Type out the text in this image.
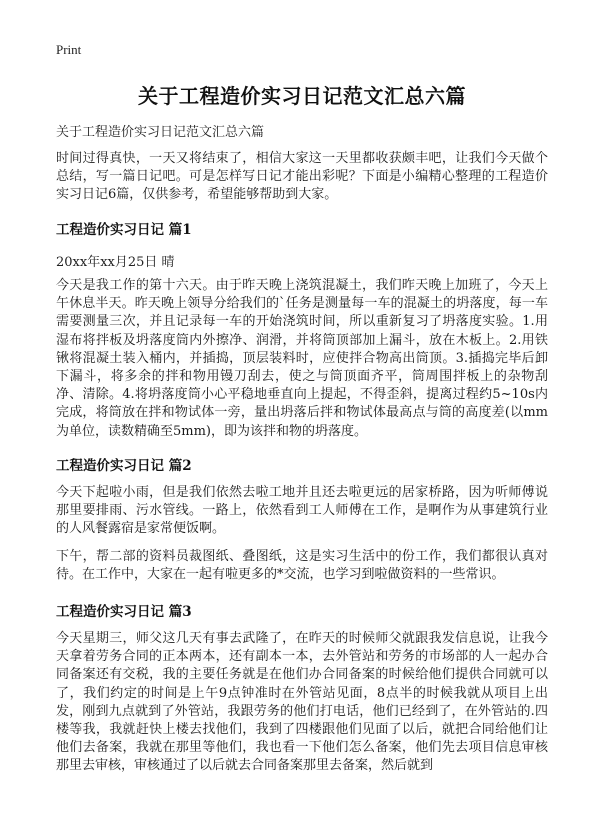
Print
关于工程造价实习日记范文汇总六篇
关于工程造价实习日记范文汇总六篇

时间过得真快，一天又将结束了，相信大家这一天里都收获颇丰吧，让我们今天做个总结，写一篇日记吧。可是怎样写日记才能出彩呢？下面是小编精心整理的工程造价实习日记6篇，仅供参考，希望能够帮助到大家。

工程造价实习日记 篇1
20xx年xx月25日 晴

今天是我工作的第十六天。由于昨天晚上浇筑混凝土，我们昨天晚上加班了，今天上午休息半天。昨天晚上领导分给我们的`任务是测量每一车的混凝土的坍落度，每一车需要测量三次，并且记录每一车的开始浇筑时间，所以重新复习了坍落度实验。1.用湿布将拌板及坍落度筒内外擦净、润滑，并将筒顶部加上漏斗，放在木板上。2.用铁锹将混凝土装入桶内，并插捣，顶层装料时，应使拌合物高出筒顶。3.插捣完毕后卸下漏斗，将多余的拌和物用镘刀刮去，使之与筒顶面齐平，筒周围拌板上的杂物刮净、清除。4.将坍落度筒小心平稳地垂直向上提起，不得歪斜，提离过程约5~10s内完成，将筒放在拌和物试体一旁，量出坍落后拌和物试体最高点与筒的高度差(以mm为单位，读数精确至5mm)，即为该拌和物的坍落度。

工程造价实习日记 篇2

今天下起啦小雨，但是我们依然去啦工地并且还去啦更远的居家桥路，因为听师傅说那里要排雨、污水管线。一路上，依然看到工人师傅在工作，是啊作为从事建筑行业的人风餐露宿是家常便饭啊。

下午，帮二部的资料员裁图纸、叠图纸，这是实习生活中的份工作，我们都很认真对待。在工作中，大家在一起有啦更多的*交流，也学习到啦做资料的一些常识。

工程造价实习日记 篇3

今天星期三，师父这几天有事去武隆了，在昨天的时候师父就跟我发信息说，让我今天拿着劳务合同的正本两本，还有副本一本，去外管站和劳务的市场部的人一起办合同备案还有交税，我的主要任务就是在他们办合同备案的时候给他们提供合同就可以了，我们约定的时间是上午9点钟准时在外管站见面，8点半的时候我就从项目上出发，刚到九点就到了外管站，我跟劳务的他们打电话，他们已经到了，在外管站的.四楼等我，我就赶快上楼去找他们，我到了四楼跟他们见面了以后，就把合同给他们让他们去备案，我就在那里等他们，我也看一下他们怎么备案，他们先去项目信息审核那里去审核，审核通过了以后就去合同备案那里去备案，然后就到
